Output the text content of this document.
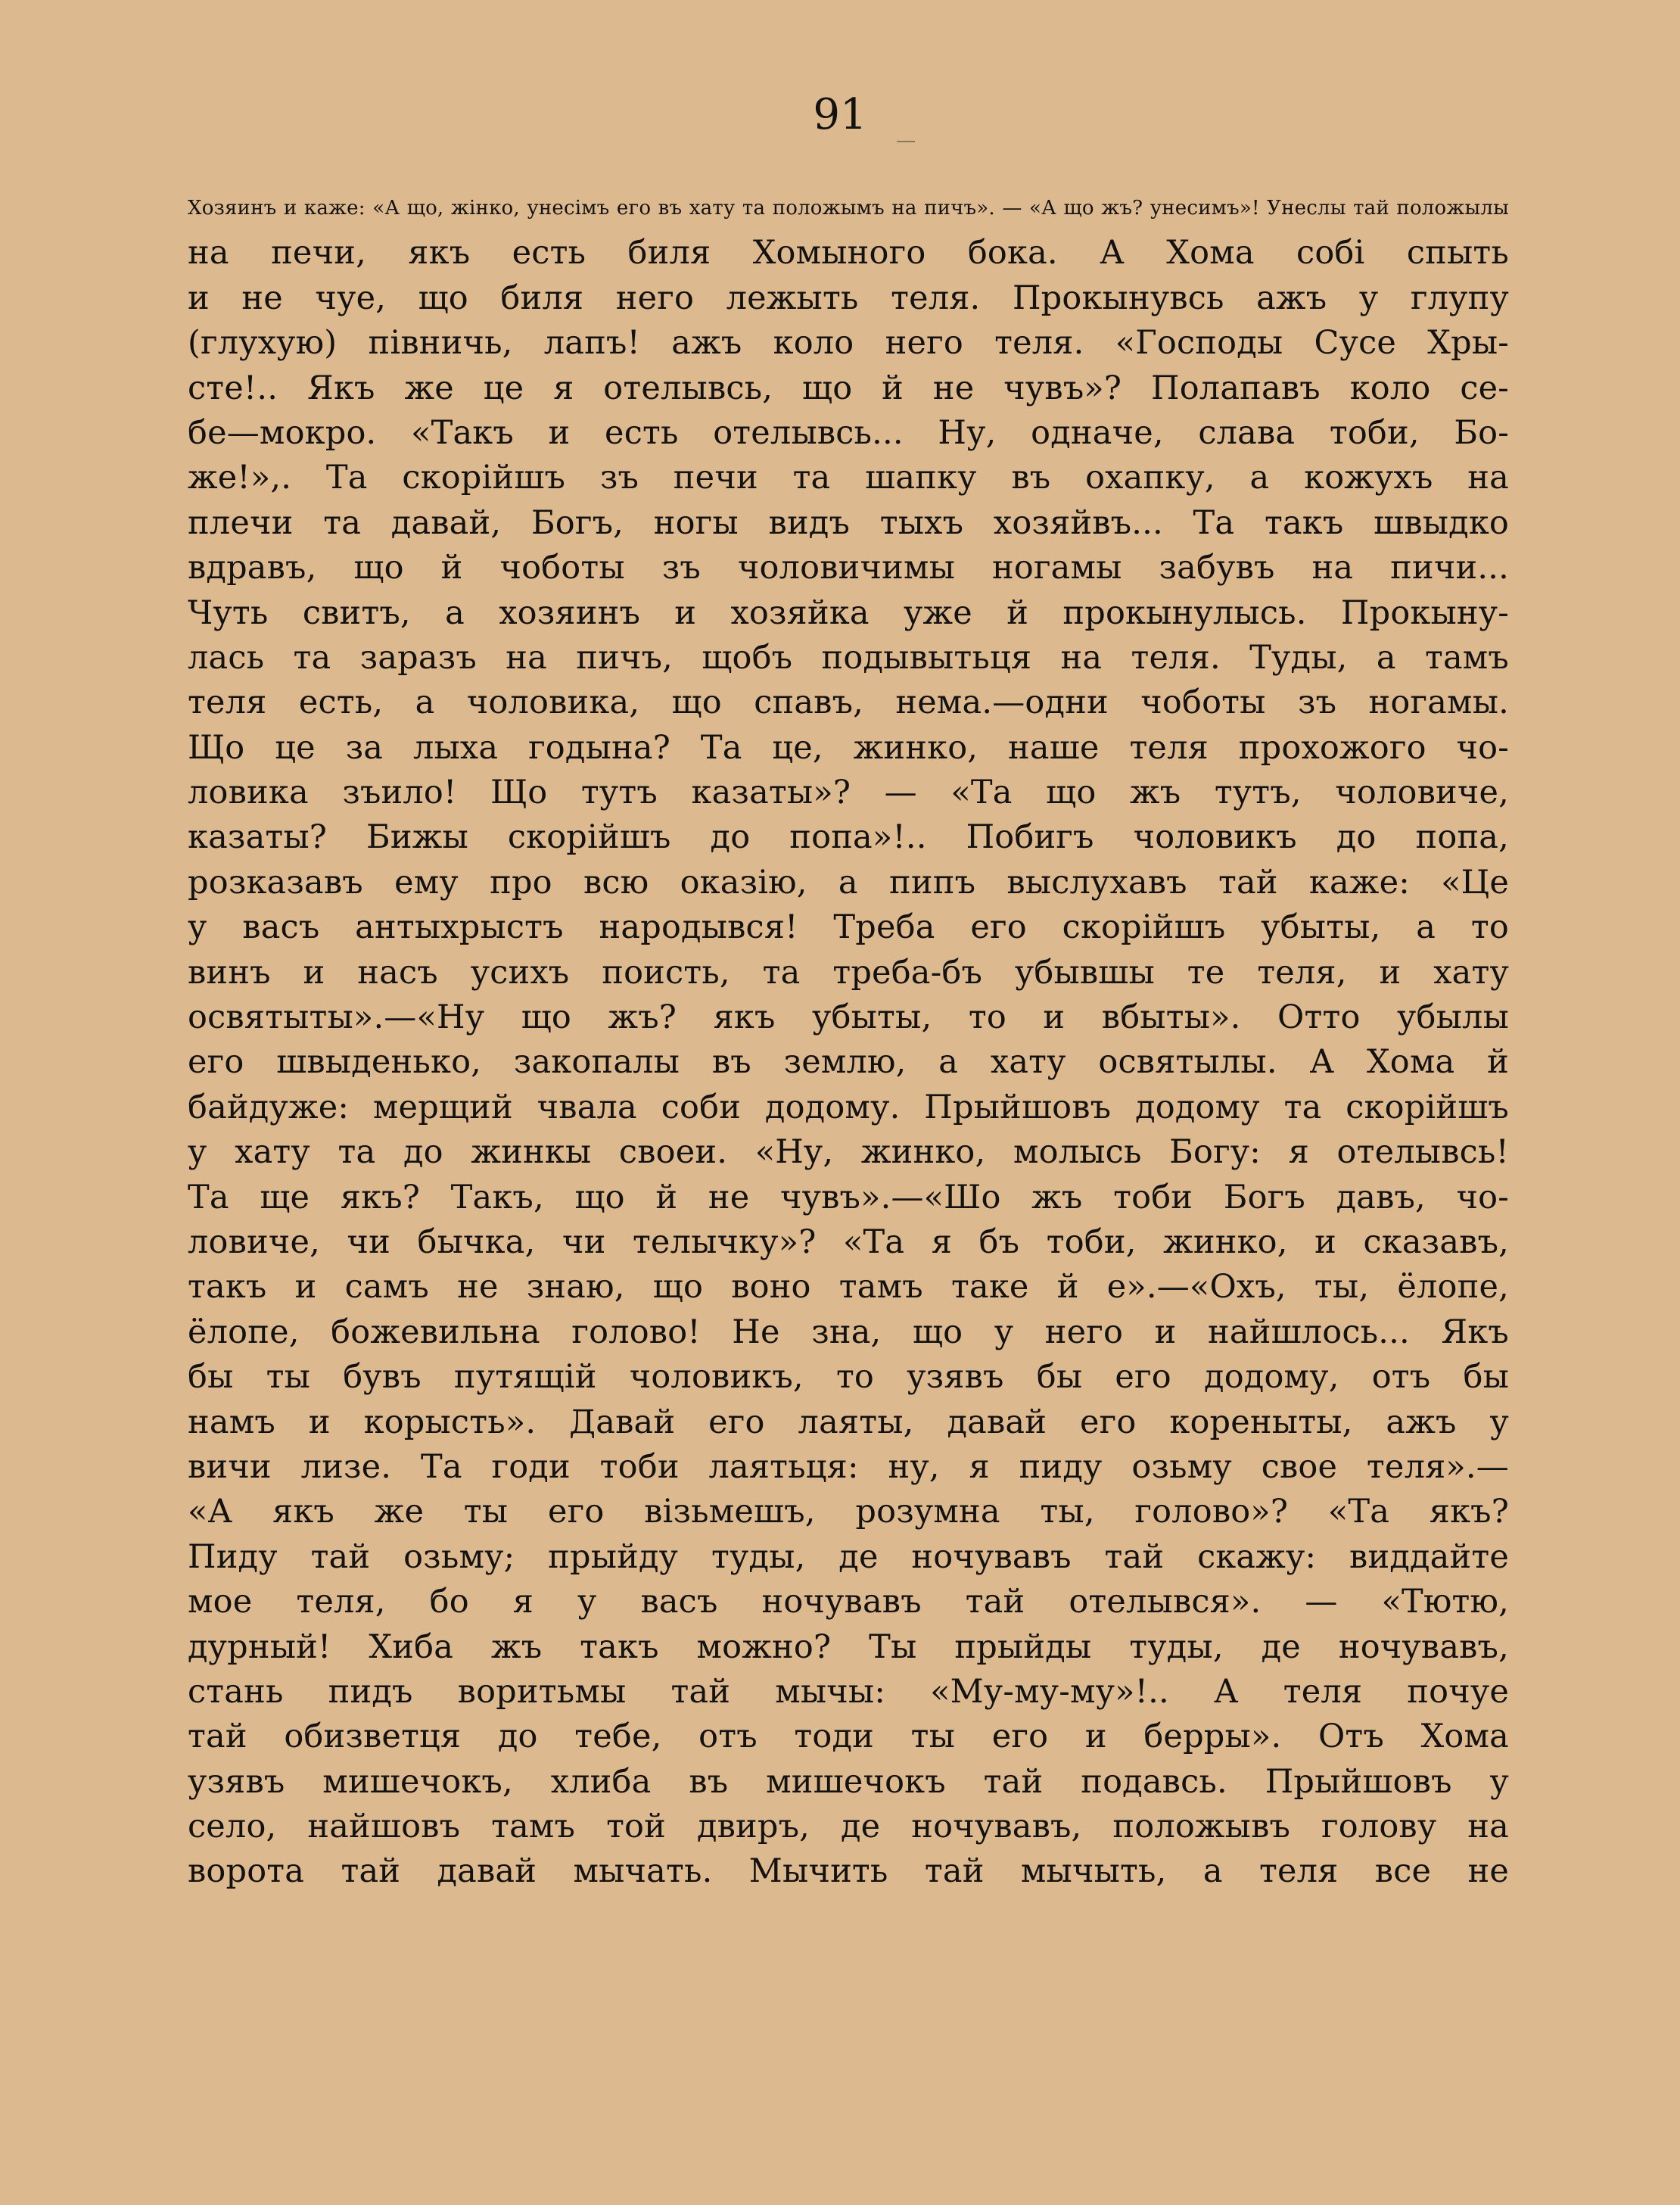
91
Хозяинъ и каже: «А що, жiнко, унесiмъ его въ хату та положымъ на пичъ». — «А що жъ? унесимъ»! Унеслы тай положылы
на печи, якъ есть биля Хомыного бока. А Хома собi спыть
и не чуе, що биля него лежыть теля. Прокынувсь ажъ у глупу
(глухую) пiвничь, лапъ! ажъ коло него теля. «Господы Сусе Хры-
сте!.. Якъ же це я отелывсь, що й не чувъ»? Полапавъ коло се-
бе—мокро. «Такъ и есть отелывсь... Ну, одначе, слава тоби, Бо-
же!»,. Та скорiйшъ зъ печи та шапку въ охапку, а кожухъ на
плечи та давай, Богъ, ногы видъ тыхъ хозяйвъ... Та такъ швыдко
вдравъ, що й чоботы зъ чоловичимы ногамы забувъ на пичи...
Чуть свитъ, а хозяинъ и хозяйка уже й прокынулысь. Прокыну-
лась та заразъ на пичъ, щобъ подывытьця на теля. Туды, а тамъ
теля есть, а чоловика, що спавъ, нема.—одни чоботы зъ ногамы.
Що це за лыха годына? Та це, жинко, наше теля прохожого чо-
ловика зъило! Що тутъ казаты»? — «Та що жъ тутъ, чоловиче,
казаты? Бижы скорiйшъ до попа»!.. Побигъ чоловикъ до попа,
розказавъ ему про всю оказiю, а пипъ выслухавъ тай каже: «Це
у васъ антыхрыстъ народывся! Треба его скорiйшъ убыты, а то
винъ и насъ усихъ поисть, та треба-бъ убывшы те теля, и хату
освятыты».—«Ну що жъ? якъ убыты, то и вбыты». Отто убылы
его швыденько, закопалы въ землю, а хату освятылы. А Хома й
байдуже: мерщий чвала соби додому. Прыйшовъ додому та скорiйшъ
у хату та до жинкы своеи. «Ну, жинко, молысь Богу: я отелывсь!
Та ще якъ? Такъ, що й не чувъ».—«Шо жъ тоби Богъ давъ, чо-
ловиче, чи бычка, чи телычку»? «Та я бъ тоби, жинко, и сказавъ,
такъ и самъ не знаю, що воно тамъ таке й е».—«Охъ, ты, ёлопе,
ёлопе, божевильна голово! Не зна, що у него и найшлось... Якъ
бы ты бувъ путящiй чоловикъ, то узявъ бы его додому, отъ бы
намъ и корысть». Давай его лаяты, давай его кореныты, ажъ у
вичи лизе. Та годи тоби лаятьця: ну, я пиду озьму свое теля».—
«А якъ же ты его вiзьмешъ, розумна ты, голово»? «Та якъ?
Пиду тай озьму; прыйду туды, де ночувавъ тай скажу: виддайте
мое теля, бо я у васъ ночувавъ тай отелывся». — «Тютю,
дурный! Хиба жъ такъ можно? Ты прыйды туды, де ночувавъ,
стань пидъ воритьмы тай мычы: «Му-му-му»!.. А теля почуе
тай обизветця до тебе, отъ тоди ты его и берры». Отъ Хома
узявъ мишечокъ, хлиба въ мишечокъ тай подавсь. Прыйшовъ у
село, найшовъ тамъ той двиръ, де ночувавъ, положывъ голову на
ворота тай давай мычать. Мычить тай мычыть, а теля все не
